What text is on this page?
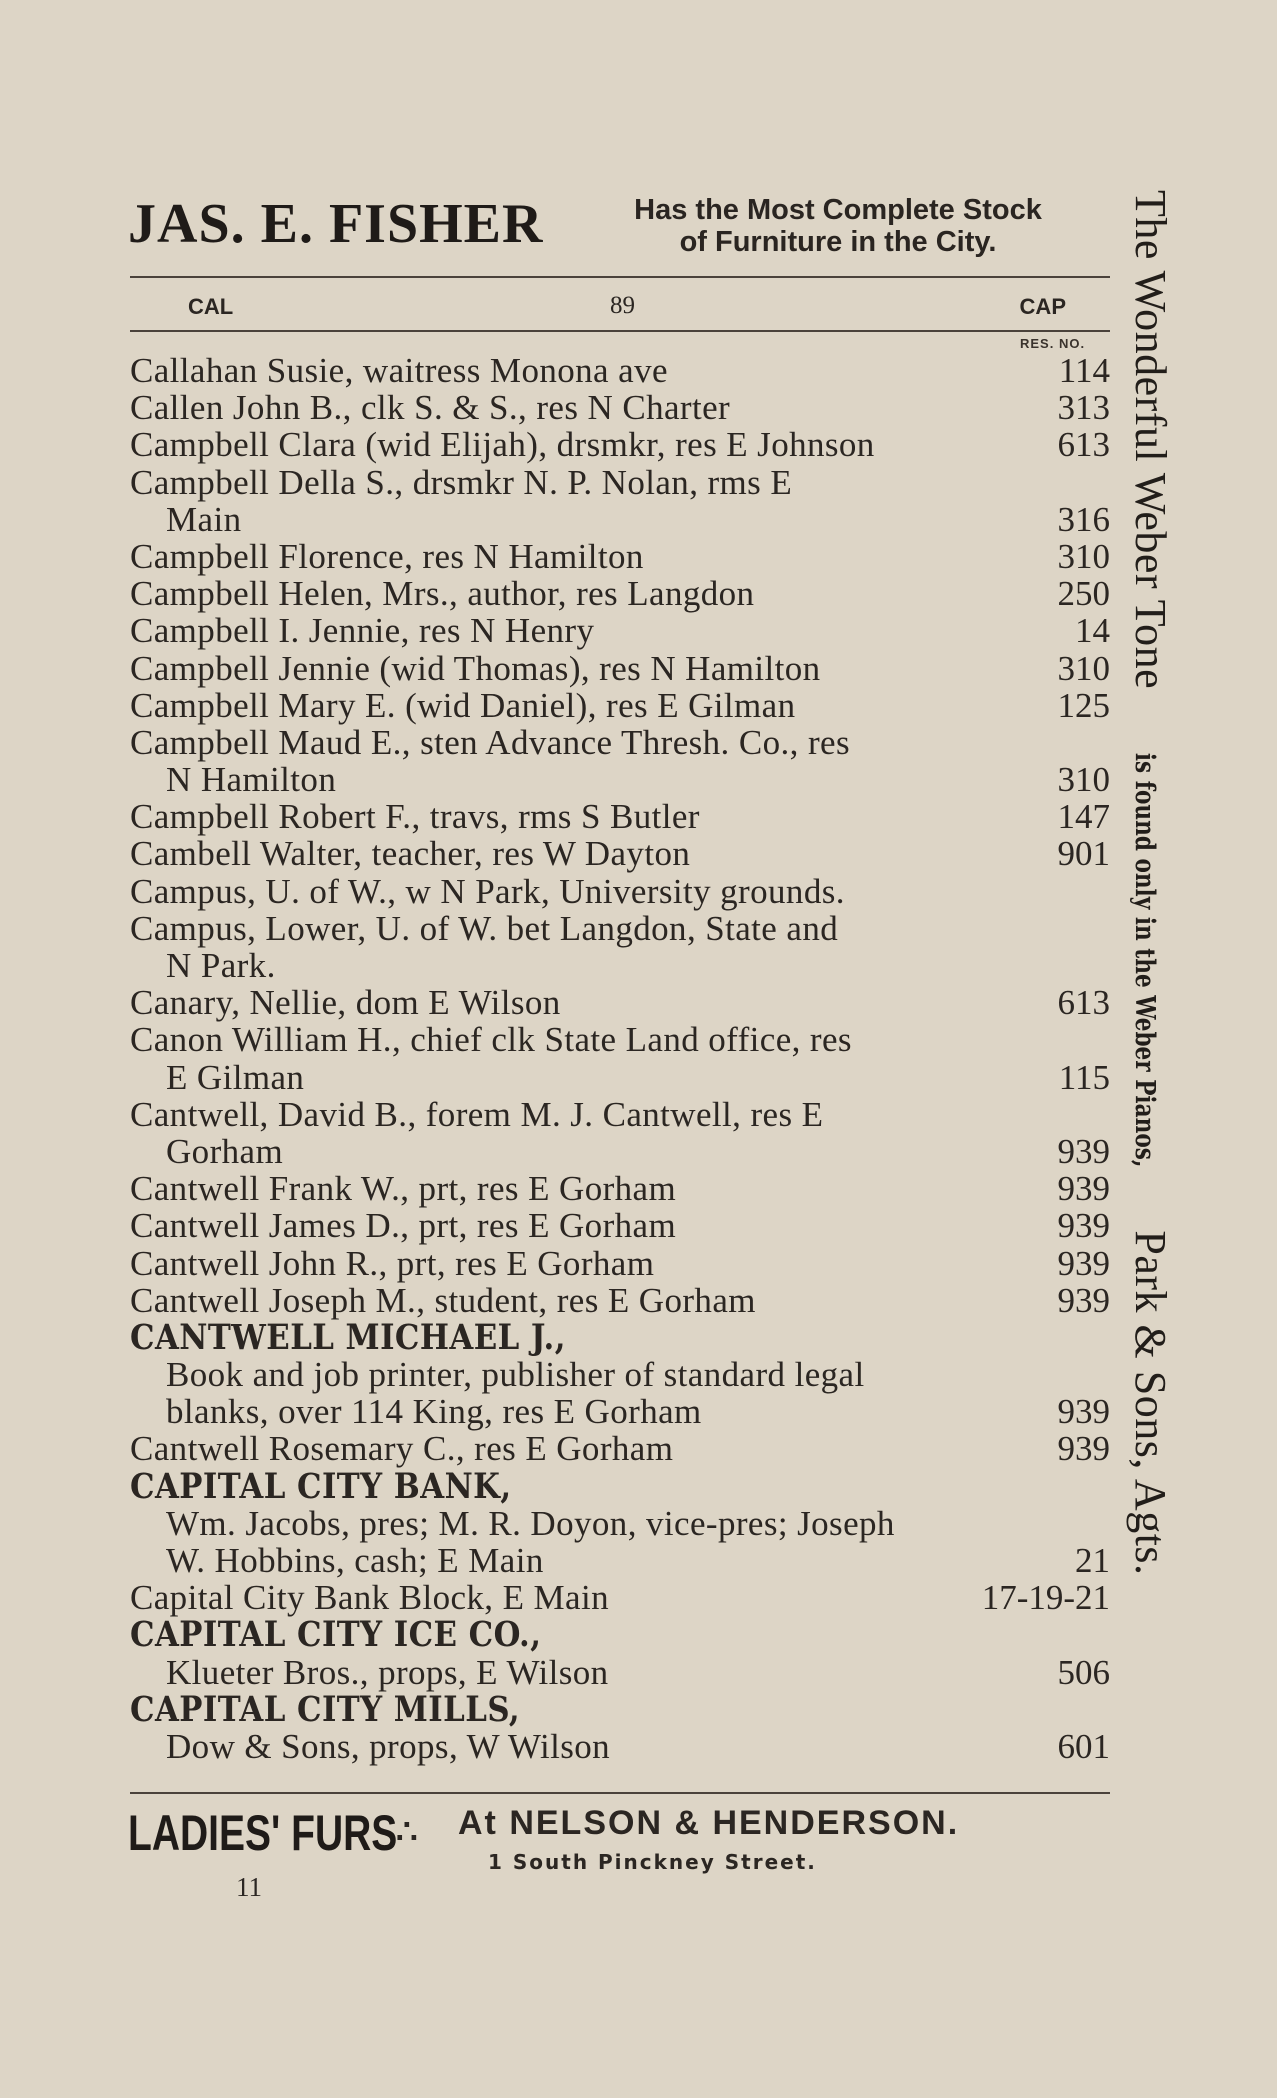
JAS. E. FISHER	Has the Most Complete Stock
of Furniture in the City.
CAL	89	CAP
RES. NO.
Callahan Susie, waitress Monona ave	114
Callen John B., clk S. & S., res N Charter	313
Campbell Clara (wid Elijah), drsmkr, res E Johnson	613
Campbell Della S., drsmkr N. P. Nolan, rms E
Main	316
Campbell Florence, res N Hamilton	310
Campbell Helen, Mrs., author, res Langdon	250
Campbell I. Jennie, res N Henry	14
Campbell Jennie (wid Thomas), res N Hamilton	310
Campbell Mary E. (wid Daniel), res E Gilman	125
Campbell Maud E., sten Advance Thresh. Co., res
N Hamilton	310
Campbell Robert F., travs, rms S Butler	147
Cambell Walter, teacher, res W Dayton	901
Campus, U. of W., w N Park, University grounds.
Campus, Lower, U. of W. bet Langdon, State and
N Park.
Canary, Nellie, dom E Wilson	613
Canon William H., chief clk State Land office, res
E Gilman	115
Cantwell, David B., forem M. J. Cantwell, res E
Gorham	939
Cantwell Frank W., prt, res E Gorham	939
Cantwell James D., prt, res E Gorham	939
Cantwell John R., prt, res E Gorham	939
Cantwell Joseph M., student, res E Gorham	939
CANTWELL MICHAEL J.,
Book and job printer, publisher of standard legal
blanks, over 114 King, res E Gorham	939
Cantwell Rosemary C., res E Gorham	939
CAPITAL CITY BANK,
Wm. Jacobs, pres; M. R. Doyon, vice-pres; Joseph
W. Hobbins, cash; E Main	21
Capital City Bank Block, E Main	17-19-21
CAPITAL CITY ICE CO.,
Klueter Bros., props, E Wilson	506
CAPITAL CITY MILLS,
Dow & Sons, props, W Wilson	601
LADIES' FURS
∴ At NELSON & HENDERSON.
1 South Pinckney Street.
11
The Wonderful Weber Tone is found only in the Weber Pianos, Park & Sons, Agts.
